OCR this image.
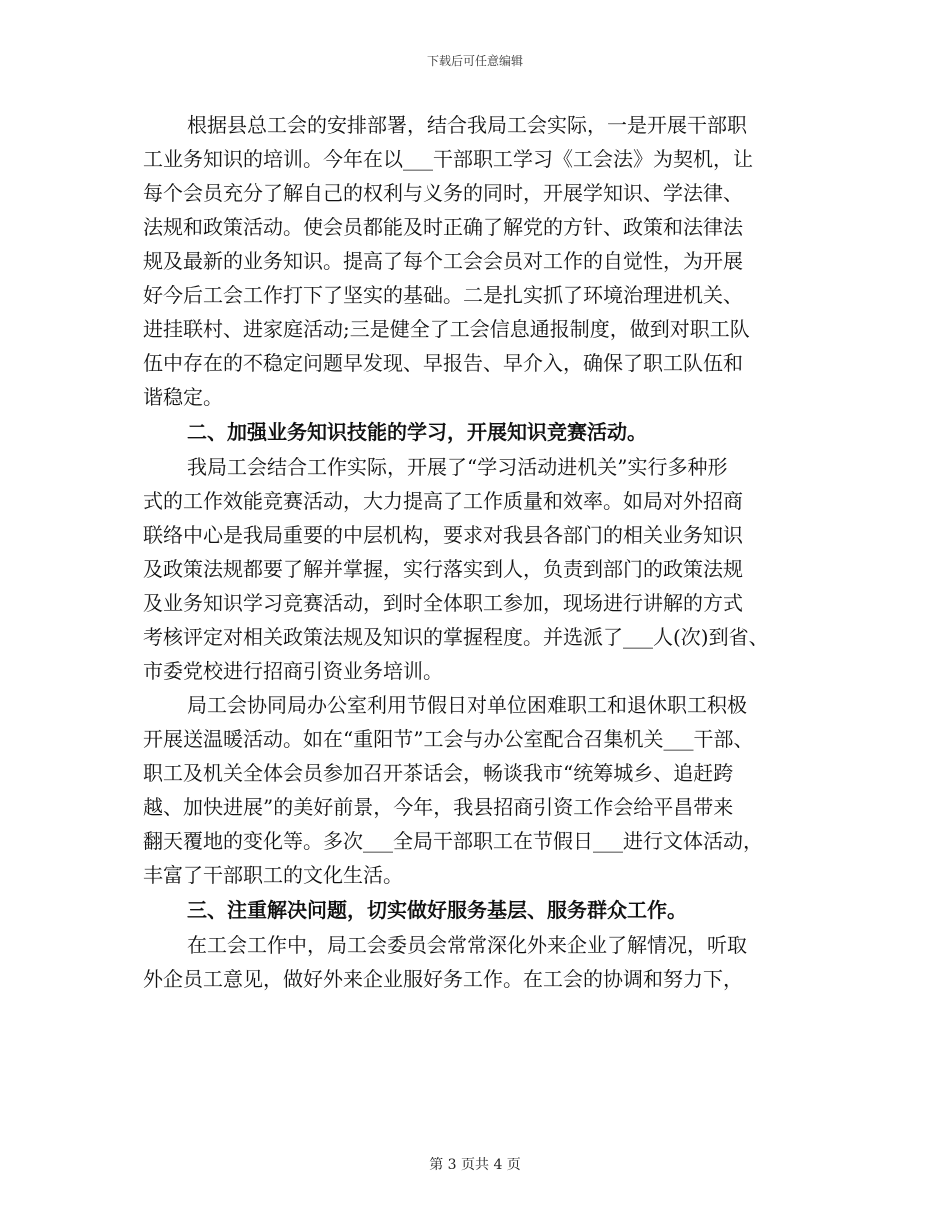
下载后可任意编辑
根据县总工会的安排部署，结合我局工会实际，一是开展干部职
工业务知识的培训。今年在以___干部职工学习《工会法》为契机，让
每个会员充分了解自己的权利与义务的同时，开展学知识、学法律、
法规和政策活动。使会员都能及时正确了解党的方针、政策和法律法
规及最新的业务知识。提高了每个工会会员对工作的自觉性，为开展
好今后工会工作打下了坚实的基础。二是扎实抓了环境治理进机关、
进挂联村、进家庭活动;三是健全了工会信息通报制度，做到对职工队
伍中存在的不稳定问题早发现、早报告、早介入，确保了职工队伍和
谐稳定。
二、加强业务知识技能的学习，开展知识竞赛活动。
我局工会结合工作实际，开展了“学习活动进机关”实行多种形
式的工作效能竞赛活动，大力提高了工作质量和效率。如局对外招商
联络中心是我局重要的中层机构，要求对我县各部门的相关业务知识
及政策法规都要了解并掌握，实行落实到人，负责到部门的政策法规
及业务知识学习竞赛活动，到时全体职工参加，现场进行讲解的方式
考核评定对相关政策法规及知识的掌握程度。并选派了___人(次)到省、
市委党校进行招商引资业务培训。
局工会协同局办公室利用节假日对单位困难职工和退休职工积极
开展送温暖活动。如在“重阳节”工会与办公室配合召集机关___干部、
职工及机关全体会员参加召开茶话会，畅谈我市“统筹城乡、追赶跨
越、加快进展”的美好前景，今年，我县招商引资工作会给平昌带来
翻天覆地的变化等。多次___全局干部职工在节假日___进行文体活动，
丰富了干部职工的文化生活。
三、注重解决问题，切实做好服务基层、服务群众工作。
在工会工作中，局工会委员会常常深化外来企业了解情况，听取
外企员工意见，做好外来企业服好务工作。在工会的协调和努力下，
第 3 页共 4 页
